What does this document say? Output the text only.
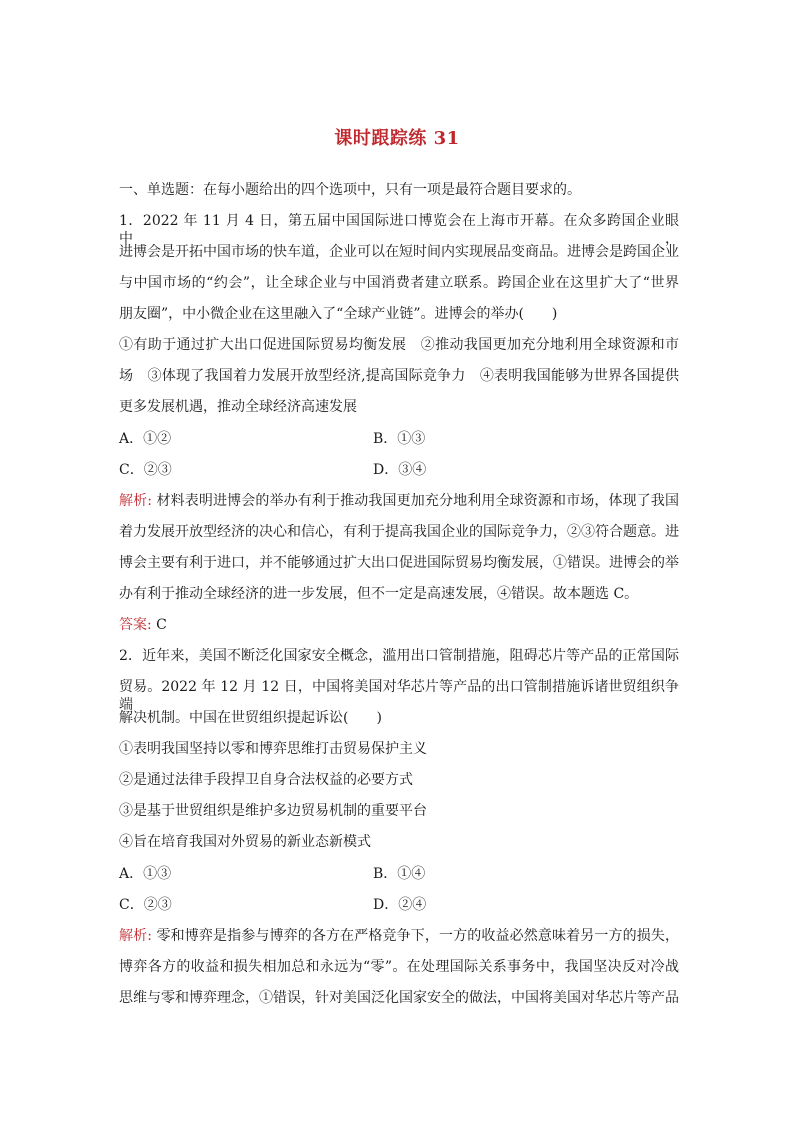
课时跟踪练 31
一、单选题：在每小题给出的四个选项中，只有一项是最符合题目要求的。
1．2022 年 11 月 4 日，第五届中国国际进口博览会在上海市开幕。在众多跨国企业眼中，
进博会是开拓中国市场的快车道，企业可以在短时间内实现展品变商品。进博会是跨国企业
与中国市场的“约会”，让全球企业与中国消费者建立联系。跨国企业在这里扩大了“世界
朋友圈”，中小微企业在这里融入了“全球产业链”。进博会的举办(　　)
①有助于通过扩大出口促进国际贸易均衡发展　②推动我国更加充分地利用全球资源和市
场　③体现了我国着力发展开放型经济,提高国际竞争力　④表明我国能够为世界各国提供
更多发展机遇，推动全球经济高速发展
A．①②	B．①③
C．②③	D．③④
解析: 材料表明进博会的举办有利于推动我国更加充分地利用全球资源和市场，体现了我国
着力发展开放型经济的决心和信心，有利于提高我国企业的国际竞争力，②③符合题意。进
博会主要有利于进口，并不能够通过扩大出口促进国际贸易均衡发展，①错误。进博会的举
办有利于推动全球经济的进一步发展，但不一定是高速发展，④错误。故本题选 C。
答案: C
2．近年来，美国不断泛化国家安全概念，滥用出口管制措施，阻碍芯片等产品的正常国际
贸易。2022 年 12 月 12 日，中国将美国对华芯片等产品的出口管制措施诉诸世贸组织争端
解决机制。中国在世贸组织提起诉讼(　　)
①表明我国坚持以零和博弈思维打击贸易保护主义
②是通过法律手段捍卫自身合法权益的必要方式
③是基于世贸组织是维护多边贸易机制的重要平台
④旨在培育我国对外贸易的新业态新模式
A．①③	B．①④
C．②③	D．②④
解析: 零和博弈是指参与博弈的各方在严格竞争下，一方的收益必然意味着另一方的损失，
博弈各方的收益和损失相加总和永远为“零”。在处理国际关系事务中，我国坚决反对冷战
思维与零和博弈理念，①错误，针对美国泛化国家安全的做法，中国将美国对华芯片等产品
